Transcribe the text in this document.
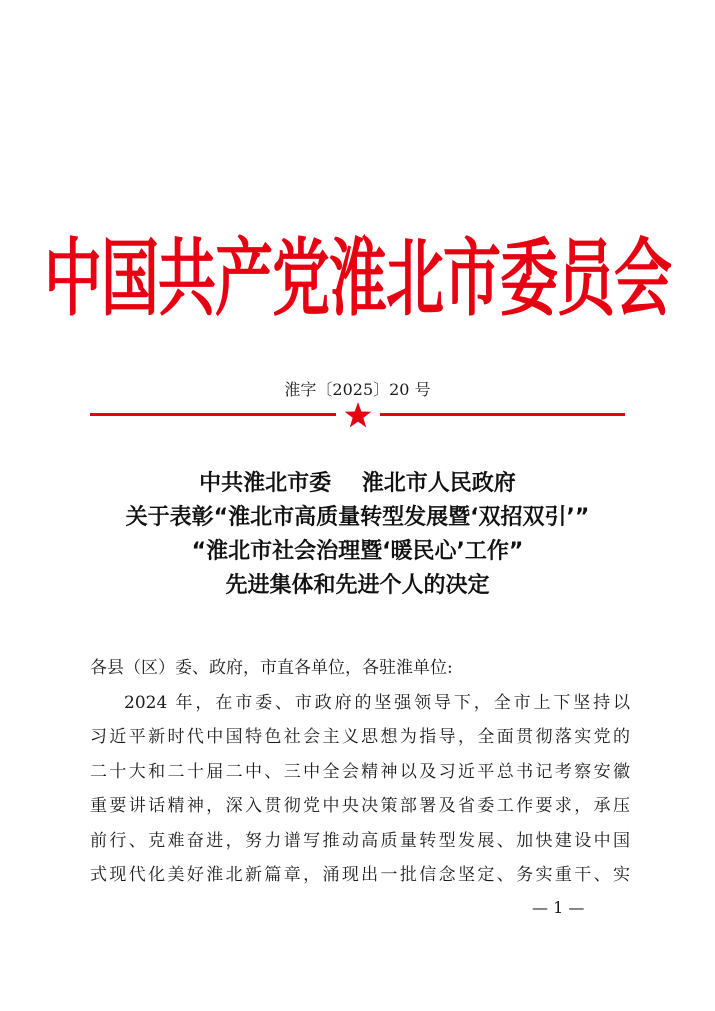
中国共产党淮北市委员会
淮字〔2025〕20 号
中共淮北市委    淮北市人民政府
关于表彰“淮北市高质量转型发展暨‘双招双引’”
“淮北市社会治理暨‘暖民心’工作”
先进集体和先进个人的决定
各县（区）委、政府，市直各单位，各驻淮单位:
2024 年，在市委、市政府的坚强领导下，全市上下坚持以
习近平新时代中国特色社会主义思想为指导，全面贯彻落实党的
二十大和二十届二中、三中全会精神以及习近平总书记考察安徽
重要讲话精神，深入贯彻党中央决策部署及省委工作要求，承压
前行、克难奋进，努力谱写推动高质量转型发展、加快建设中国
式现代化美好淮北新篇章，涌现出一批信念坚定、务实重干、实
— 1 —
